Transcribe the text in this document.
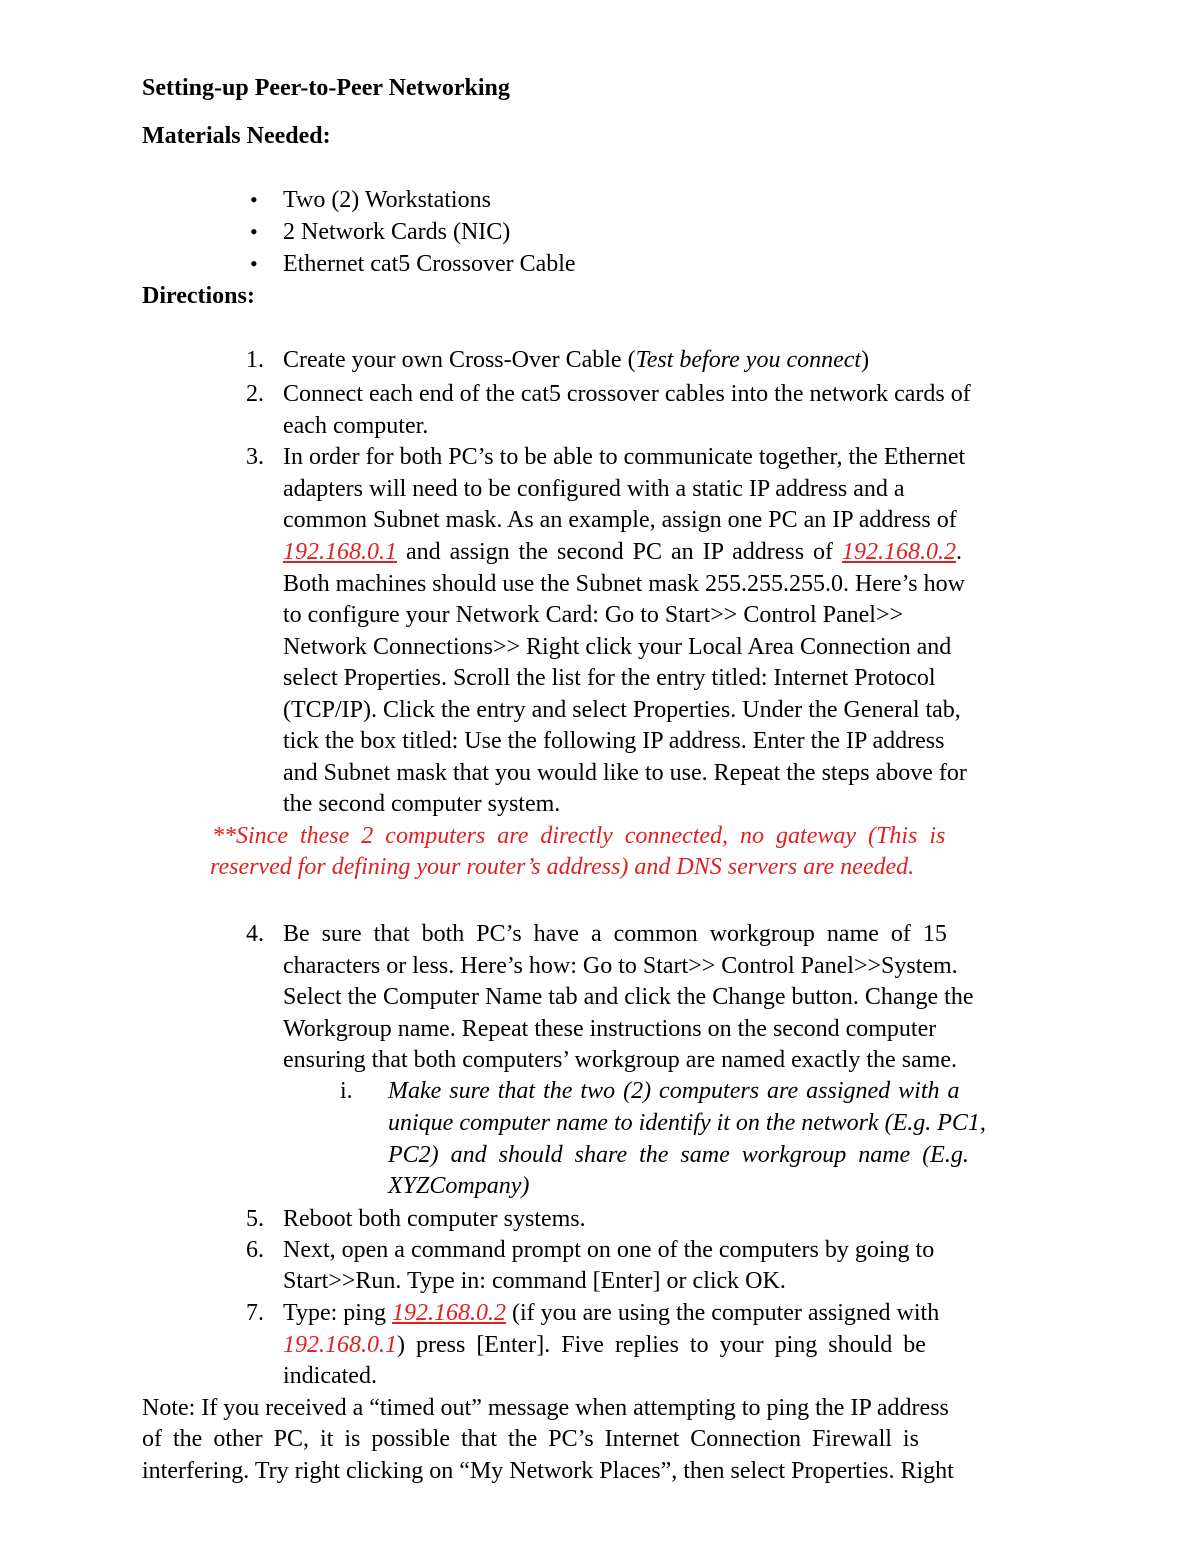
Setting-up Peer-to-Peer Networking
Materials Needed:
• Two (2) Workstations
• 2 Network Cards (NIC)
• Ethernet cat5 Crossover Cable
Directions:
1. Create your own Cross-Over Cable (Test before you connect)
2. Connect each end of the cat5 crossover cables into the network cards of
each computer.
3. In order for both PC’s to be able to communicate together, the Ethernet
adapters will need to be configured with a static IP address and a
common Subnet mask. As an example, assign one PC an IP address of
192.168.0.1 and assign the second PC an IP address of 192.168.0.2.
Both machines should use the Subnet mask 255.255.255.0. Here’s how
to configure your Network Card: Go to Start>> Control Panel>>
Network Connections>> Right click your Local Area Connection and
select Properties. Scroll the list for the entry titled: Internet Protocol
(TCP/IP). Click the entry and select Properties. Under the General tab,
tick the box titled: Use the following IP address. Enter the IP address
and Subnet mask that you would like to use. Repeat the steps above for
the second computer system.
**Since these 2 computers are directly connected, no gateway (This is
reserved for defining your router’s address) and DNS servers are needed.
4. Be sure that both PC’s have a common workgroup name of 15
characters or less. Here’s how: Go to Start>> Control Panel>>System.
Select the Computer Name tab and click the Change button. Change the
Workgroup name. Repeat these instructions on the second computer
ensuring that both computers’ workgroup are named exactly the same.
i. Make sure that the two (2) computers are assigned with a
unique computer name to identify it on the network (E.g. PC1,
PC2) and should share the same workgroup name (E.g.
XYZCompany)
5. Reboot both computer systems.
6. Next, open a command prompt on one of the computers by going to
Start>>Run. Type in: command [Enter] or click OK.
7. Type: ping 192.168.0.2 (if you are using the computer assigned with
192.168.0.1) press [Enter]. Five replies to your ping should be
indicated.
Note: If you received a “timed out” message when attempting to ping the IP address
of the other PC, it is possible that the PC’s Internet Connection Firewall is
interfering. Try right clicking on “My Network Places”, then select Properties. Right
